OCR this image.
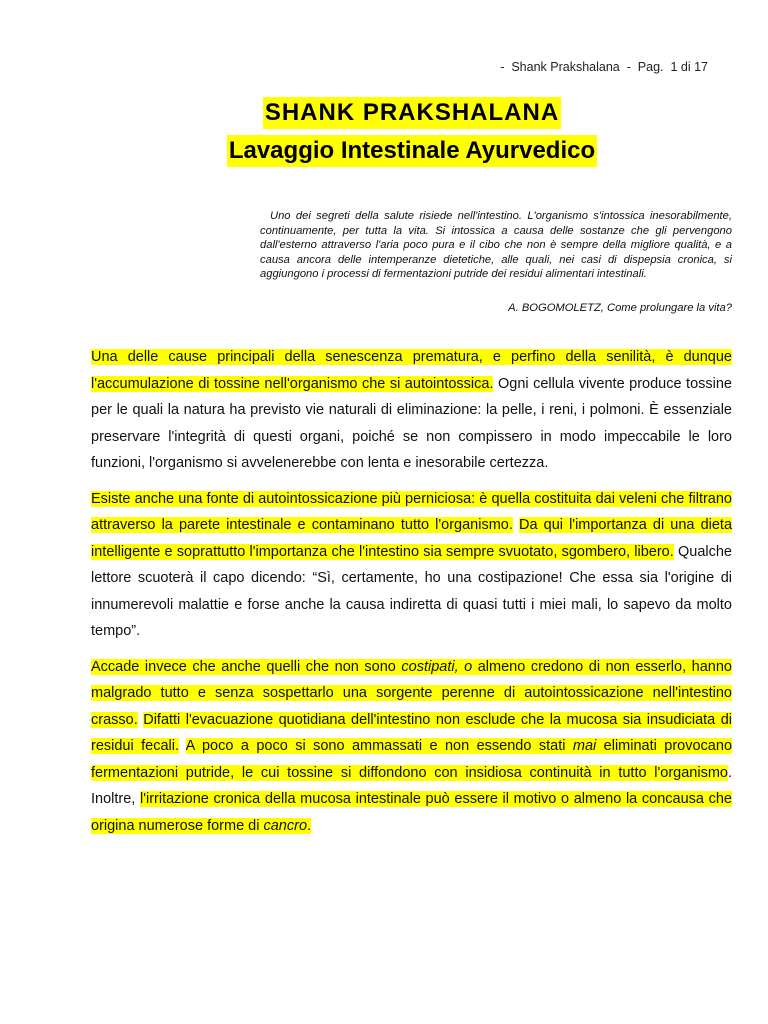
-  Shank Prakshalana  -  Pag.  1 di 17
SHANK PRAKSHALANA
Lavaggio Intestinale Ayurvedico
Uno dei segreti della salute risiede nell'intestino. L'organismo s'intossica inesorabilmente, continuamente, per tutta la vita. Si intossica a causa delle sostanze che gli pervengono dall'esterno attraverso l'aria poco pura e il cibo che non è sempre della migliore qualità, e a causa ancora delle intemperanze dietetiche, alle quali, nei casi di dispepsia cronica, si aggiungono i processi di fermentazioni putride dei residui alimentari intestinali.
A. BOGOMOLETZ, Come prolungare la vita?

Una delle cause principali della senescenza prematura, e perfino della senilità, è dunque l'accumulazione di tossine nell'organismo che si autointossica. Ogni cellula vivente produce tossine per le quali la natura ha previsto vie naturali di eliminazione: la pelle, i reni, i polmoni. È essenziale preservare l'integrità di questi organi, poiché se non compissero in modo impeccabile le loro funzioni, l'organismo si avvelenerebbe con lenta e inesorabile certezza.

Esiste anche una fonte di autointossicazione più perniciosa: è quella costituita dai veleni che filtrano attraverso la parete intestinale e contaminano tutto l'organismo. Da qui l'importanza di una dieta intelligente e soprattutto l'importanza che l'intestino sia sempre svuotato, sgombero, libero. Qualche lettore scuoterà il capo dicendo: “Sì, certamente, ho una costipazione! Che essa sia l'origine di innumerevoli malattie e forse anche la causa indiretta di quasi tutti i miei mali, lo sapevo da molto tempo”.

Accade invece che anche quelli che non sono costipati, o almeno credono di non esserlo, hanno malgrado tutto e senza sospettarlo una sorgente perenne di autointossicazione nell'intestino crasso. Difatti l'evacuazione quotidiana dell'intestino non esclude che la mucosa sia insudiciata di residui fecali. A poco a poco si sono ammassati e non essendo stati mai eliminati provocano fermentazioni putride, le cui tossine si diffondono con insidiosa continuità in tutto l'organismo. Inoltre, l'irritazione cronica della mucosa intestinale può essere il motivo o almeno la concausa che origina numerose forme di cancro.
